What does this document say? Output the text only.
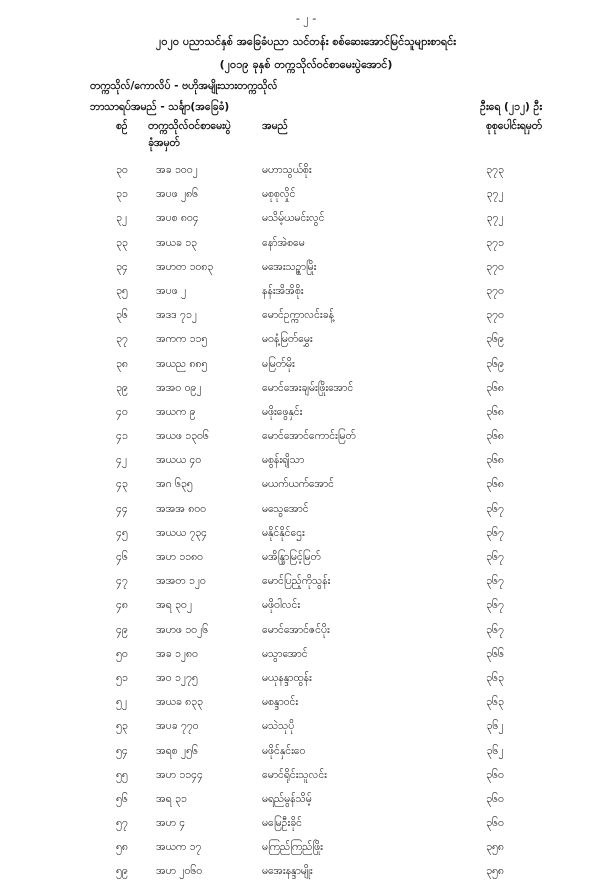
- ၂ -
၂၀၂၀ ပညာသင်နှစ် အခြေခံပညာ သင်တန်း စစ်ဆေးအောင်မြင်သူများစာရင်း
(၂၀၁၉ ခုနှစ် တက္ကသိုလ်ဝင်စာမေးပွဲအောင်)
တက္ကသိုလ်/ကောလိပ် - ဗဟိုအမျိုးသားတက္ကသိုလ်
ဘာသာရပ်အမည် - သင်္ချာ(အခြေခံ)	ဦးရေ (၂၁၂) ဦး
စဉ် တက္ကသိုလ်ဝင်စာမေးပွဲ
ခုံအမှတ်
အမည်	စုစုပေါင်းရမှတ်
၃၀	အခ ၁၀၀၂	မဟာသွယ်စိုး	၃၇၃
၃၁	အပဖ ၂၈၆	မစုစုလှိုင်	၃၇၂
၃၂	အပစ ၈၀၄	မသိမ့်ယမင်းလွင်	၃၇၂
၃၃	အယခ ၁၃	နော်အဲစမေ	၃၇၁
၃၄	အဟတ ၁၀၈၃	မအေးသဉ္စာမြိုး	၃၇၀
၃၅	အပဖ ၂	နန်းအိအိစိုး	၃၇၀
၃၆	အဒဒ ၇၁၂	မောင်ဥက္ကာလင်းခန့်	၃၇၀
၃၇	အကက ၁၁၅	မဝနံ့မြတ်မွှေး	၃၆၉
၃၈	အယည ၈၈၅	မမြတ်မိုး	၃၆၉
၃၉	အအ၀ ၀၉၂	မောင်အေးချမ်းဖြိုးအောင်	၃၆၈
၄၀	အယက ၉	မဖိုးဖွေနှင်း	၃၆၈
၄၁	အယဖ ၁၃၀၆	မောင်အောင်ကောင်းမြတ်	၃၆၈
၄၂	အယယ ၄၀	မစွန်းရျိသာ	၃၆၈
၄၃	အဂ ၆၃၅	မယက်ယက်အောင်	၃၆၈
၄၄	အအအ ၈၀၀	မသွေအောင်	၃၆၇
၄၅	အယယ ၇၃၄	မနိုင်နိုင်ဌေး	၃၆၇
၄၆	အဟ ၁၁၈၀	မအိန္ဒြာမြင့်မြတ်	၃၆၇
၄၇	အအတ ၁၂၀	မောင်ပြည့်ကိုသွန်း	၃၆၇
၄၈	အရ ၃၀၂	မဖိုဝါလင်း	၃၆၇
၄၉	အဟဖ ၁၀၂၆	မောင်အောင်ဇင်ပိုး	၃၆၇
၅၀	အခ ၁၂၈၀	မသွာအောင်	၃၆၆
၅၁	အ၀ ၁၂၇၅	မယုနန္ဒာထွန်း	၃၆၃
၅၂	အယခ ၈၃၃	မစန္ဒာဝင်း	၃၆၃
၅၃	အပခ ၇၇၀	မသဲသုပို	၃၆၂
၅၄	အရစ ၂၅၆	မဖိုင်နှင်းဝေ	၃၆၂
၅၅	အဟ ၁၁၄၄	မောင်ရိုင်းသူလင်း	၃၆၀
၅၆	အရ ၃၁	မရည်မွန်သိမ့်	၃၆၀
၅၇	အဟ ၄	မမြေဦးခိုင်	၃၆၀
၅၈	အယက ၁၇	မကြည်ကြည်ဖြိုး	၃၅၈
၅၉	အဟ ၂၀၆၀	မအေးနန္ဒာမျိုး	၃၅၈
